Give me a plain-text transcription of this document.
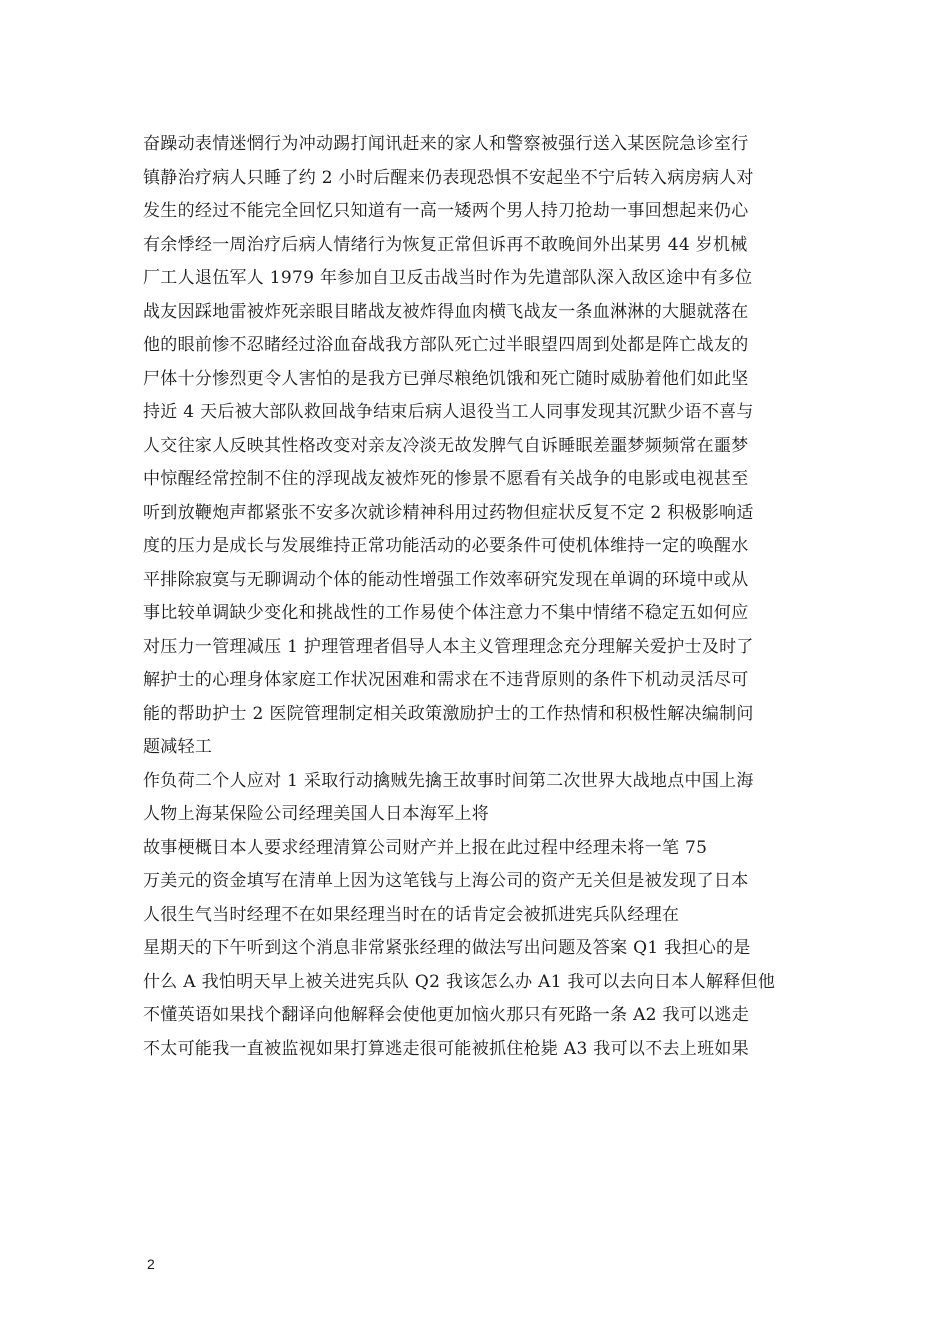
奋躁动表情迷惘行为冲动踢打闻讯赶来的家人和警察被强行送入某医院急诊室行
镇静治疗病人只睡了约 2 小时后醒来仍表现恐惧不安起坐不宁后转入病房病人对
发生的经过不能完全回忆只知道有一高一矮两个男人持刀抢劫一事回想起来仍心
有余悸经一周治疗后病人情绪行为恢复正常但诉再不敢晚间外出某男 44 岁机械
厂工人退伍军人 1979 年参加自卫反击战当时作为先遣部队深入敌区途中有多位
战友因踩地雷被炸死亲眼目睹战友被炸得血肉横飞战友一条血淋淋的大腿就落在
他的眼前惨不忍睹经过浴血奋战我方部队死亡过半眼望四周到处都是阵亡战友的
尸体十分惨烈更令人害怕的是我方已弹尽粮绝饥饿和死亡随时威胁着他们如此坚
持近 4 天后被大部队救回战争结束后病人退役当工人同事发现其沉默少语不喜与
人交往家人反映其性格改变对亲友冷淡无故发脾气自诉睡眠差噩梦频频常在噩梦
中惊醒经常控制不住的浮现战友被炸死的惨景不愿看有关战争的电影或电视甚至
听到放鞭炮声都紧张不安多次就诊精神科用过药物但症状反复不定 2 积极影响适
度的压力是成长与发展维持正常功能活动的必要条件可使机体维持一定的唤醒水
平排除寂寞与无聊调动个体的能动性增强工作效率研究发现在单调的环境中或从
事比较单调缺少变化和挑战性的工作易使个体注意力不集中情绪不稳定五如何应
对压力一管理减压 1 护理管理者倡导人本主义管理理念充分理解关爱护士及时了
解护士的心理身体家庭工作状况困难和需求在不违背原则的条件下机动灵活尽可
能的帮助护士 2 医院管理制定相关政策激励护士的工作热情和积极性解决编制问
题减轻工
作负荷二个人应对 1 采取行动擒贼先擒王故事时间第二次世界大战地点中国上海
人物上海某保险公司经理美国人日本海军上将
故事梗概日本人要求经理清算公司财产并上报在此过程中经理未将一笔 75
万美元的资金填写在清单上因为这笔钱与上海公司的资产无关但是被发现了日本
人很生气当时经理不在如果经理当时在的话肯定会被抓进宪兵队经理在
星期天的下午听到这个消息非常紧张经理的做法写出问题及答案 Q1 我担心的是
什么 A 我怕明天早上被关进宪兵队 Q2 我该怎么办 A1 我可以去向日本人解释但他
不懂英语如果找个翻译向他解释会使他更加恼火那只有死路一条 A2 我可以逃走
不太可能我一直被监视如果打算逃走很可能被抓住枪毙 A3 我可以不去上班如果
2
